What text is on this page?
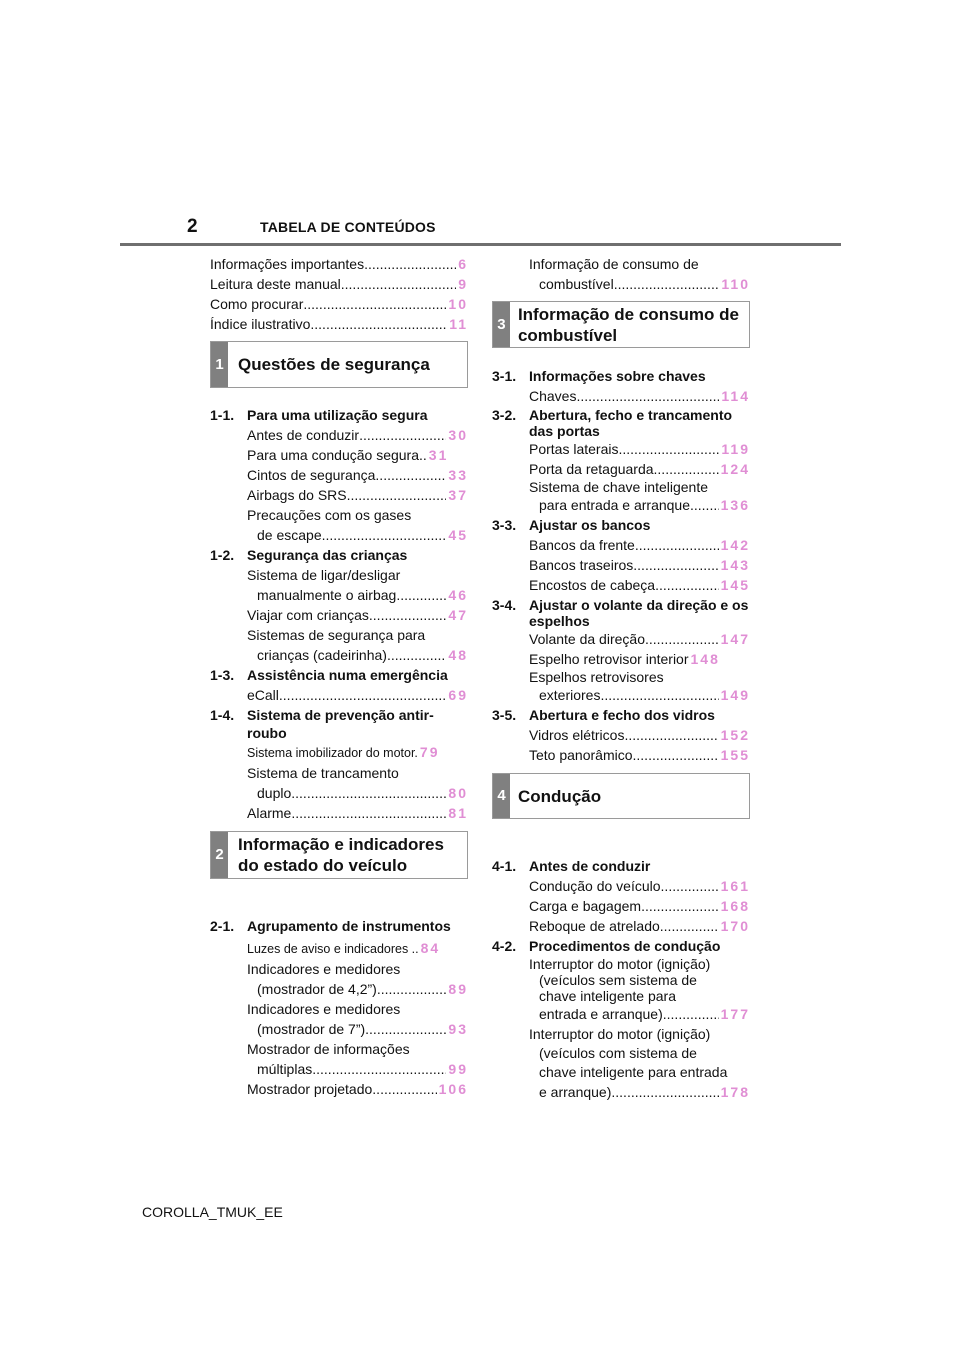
2	TABELA DE CONTEÚDOS
Informações importantes .....	6
Leitura deste manual .....	9
Como procurar .....	10
Índice ilustrativo .....	11
1 Questões de segurança
1-1. Para uma utilização segura
Antes de conduzir .....	30
Para uma condução segura.. 31
Cintos de segurança .....	33
Airbags do SRS .....	37
Precauções com os gases
de escape .....	45
1-2. Segurança das crianças
Sistema de ligar/desligar
manualmente o airbag .....	46
Viajar com crianças .....	47
Sistemas de segurança para
crianças (cadeirinha) .....	48
1-3. Assistência numa emergência
eCall .....	69
1-4. Sistema de prevenção antir-roubo
Sistema imobilizador do motor. 79
Sistema de trancamento
duplo .....	80
Alarme .....	81
2
Informação e indicadores do estado do veículo
2-1. Agrupamento de instrumentos
Luzes de aviso e indicadores .. 84
Indicadores e medidores
(mostrador de 4,2”) .....	89
Indicadores e medidores
(mostrador de 7”) .....	93
Mostrador de informações
múltiplas .....	99
Mostrador projetado .....	106
Informação de consumo de
combustível .....	110
3
Informação de consumo de combustível
3-1. Informações sobre chaves
Chaves .....	114
3-2. Abertura, fecho e trancamento das portas
Portas laterais .....	119
Porta da retaguarda .....	124
Sistema de chave inteligente
para entrada e arranque ..... 136
3-3. Ajustar os bancos
Bancos da frente .....	142
Bancos traseiros .....	143
Encostos de cabeça .....	145
3-4. Ajustar o volante da direção e os espelhos
Volante da direção .....	147
Espelho retrovisor interior 148
Espelhos retrovisores
exteriores .....	149
3-5. Abertura e fecho dos vidros
Vidros elétricos .....	152
Teto panorâmico .....	155
4 Condução
4-1. Antes de conduzir
Condução do veículo .....	161
Carga e bagagem .....	168
Reboque de atrelado .....	170
4-2. Procedimentos de condução
Interruptor do motor (ignição)
(veículos sem sistema de
chave inteligente para
entrada e arranque) .....	177
Interruptor do motor (ignição)
(veículos com sistema de
chave inteligente para entrada
e arranque) .....	178
COROLLA_TMUK_EE
